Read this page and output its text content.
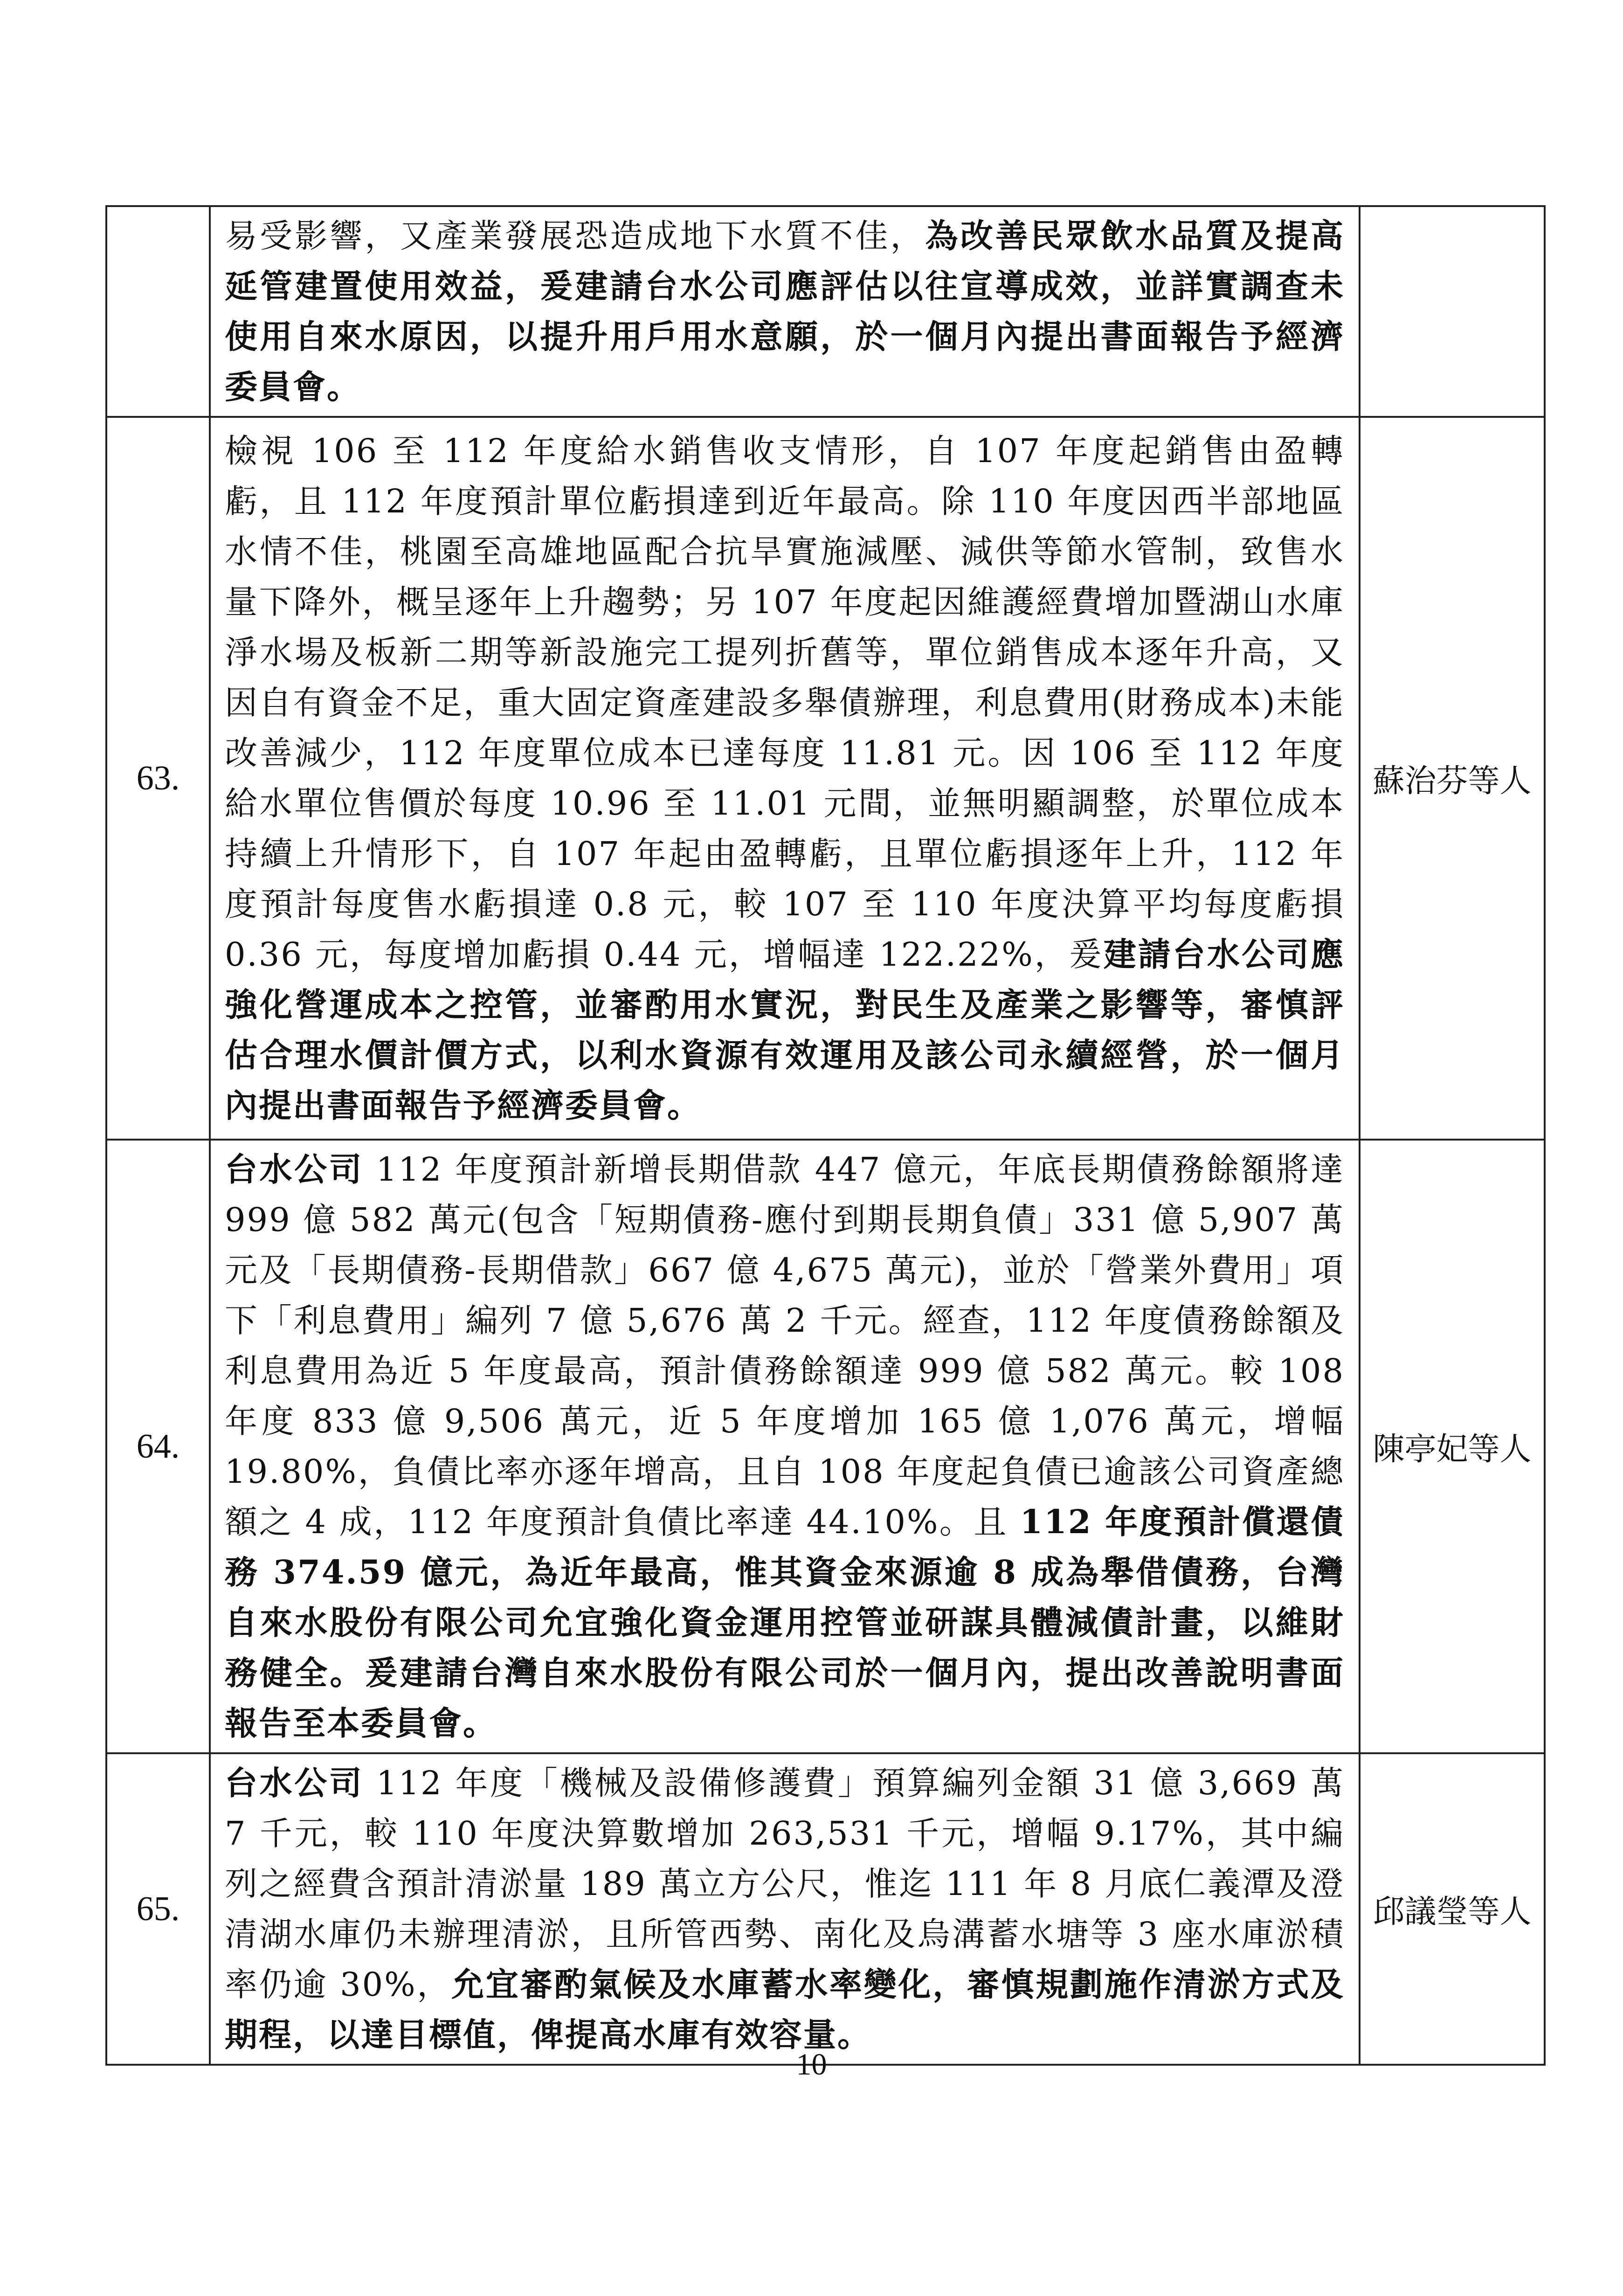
	易受影響，又產業發展恐造成地下水質不佳，為改善民眾飲水品質及提高延管建置使用效益，爰建請台水公司應評估以往宣導成效，並詳實調查未使用自來水原因，以提升用戶用水意願，於一個月內提出書面報告予經濟委員會。	
63.	檢視 106 至 112 年度給水銷售收支情形，自 107 年度起銷售由盈轉虧，且 112 年度預計單位虧損達到近年最高。除 110 年度因西半部地區水情不佳，桃園至高雄地區配合抗旱實施減壓、減供等節水管制，致售水量下降外，概呈逐年上升趨勢；另 107 年度起因維護經費增加暨湖山水庫淨水場及板新二期等新設施完工提列折舊等，單位銷售成本逐年升高，又因自有資金不足，重大固定資產建設多舉債辦理，利息費用(財務成本)未能改善減少，112 年度單位成本已達每度 11.81 元。因 106 至 112 年度給水單位售價於每度 10.96 至 11.01 元間，並無明顯調整，於單位成本持續上升情形下，自 107 年起由盈轉虧，且單位虧損逐年上升，112 年度預計每度售水虧損達 0.8 元，較 107 至 110 年度決算平均每度虧損 0.36 元，每度增加虧損 0.44 元，增幅達 122.22%，爰建請台水公司應強化營運成本之控管，並審酌用水實況，對民生及產業之影響等，審慎評估合理水價計價方式，以利水資源有效運用及該公司永續經營，於一個月內提出書面報告予經濟委員會。	蘇治芬等人
64.	台水公司 112 年度預計新增長期借款 447 億元，年底長期債務餘額將達 999 億 582 萬元(包含「短期債務-應付到期長期負債」331 億 5,907 萬元及「長期債務-長期借款」667 億 4,675 萬元)，並於「營業外費用」項下「利息費用」編列 7 億 5,676 萬 2 千元。經查，112 年度債務餘額及利息費用為近 5 年度最高，預計債務餘額達 999 億 582 萬元。較 108 年度 833 億 9,506 萬元，近 5 年度增加 165 億 1,076 萬元，增幅 19.80%，負債比率亦逐年增高，且自 108 年度起負債已逾該公司資產總額之 4 成，112 年度預計負債比率達 44.10%。且 112 年度預計償還債務 374.59 億元，為近年最高，惟其資金來源逾 8 成為舉借債務，台灣自來水股份有限公司允宜強化資金運用控管並研謀具體減債計畫，以維財務健全。爰建請台灣自來水股份有限公司於一個月內，提出改善說明書面報告至本委員會。	陳亭妃等人
65.	台水公司 112 年度「機械及設備修護費」預算編列金額 31 億 3,669 萬 7 千元，較 110 年度決算數增加 263,531 千元，增幅 9.17%，其中編列之經費含預計清淤量 189 萬立方公尺，惟迄 111 年 8 月底仁義潭及澄清湖水庫仍未辦理清淤，且所管西勢、南化及烏溝蓄水塘等 3 座水庫淤積率仍逾 30%，允宜審酌氣候及水庫蓄水率變化，審慎規劃施作清淤方式及期程，以達目標值，俾提高水庫有效容量。	邱議瑩等人
10
